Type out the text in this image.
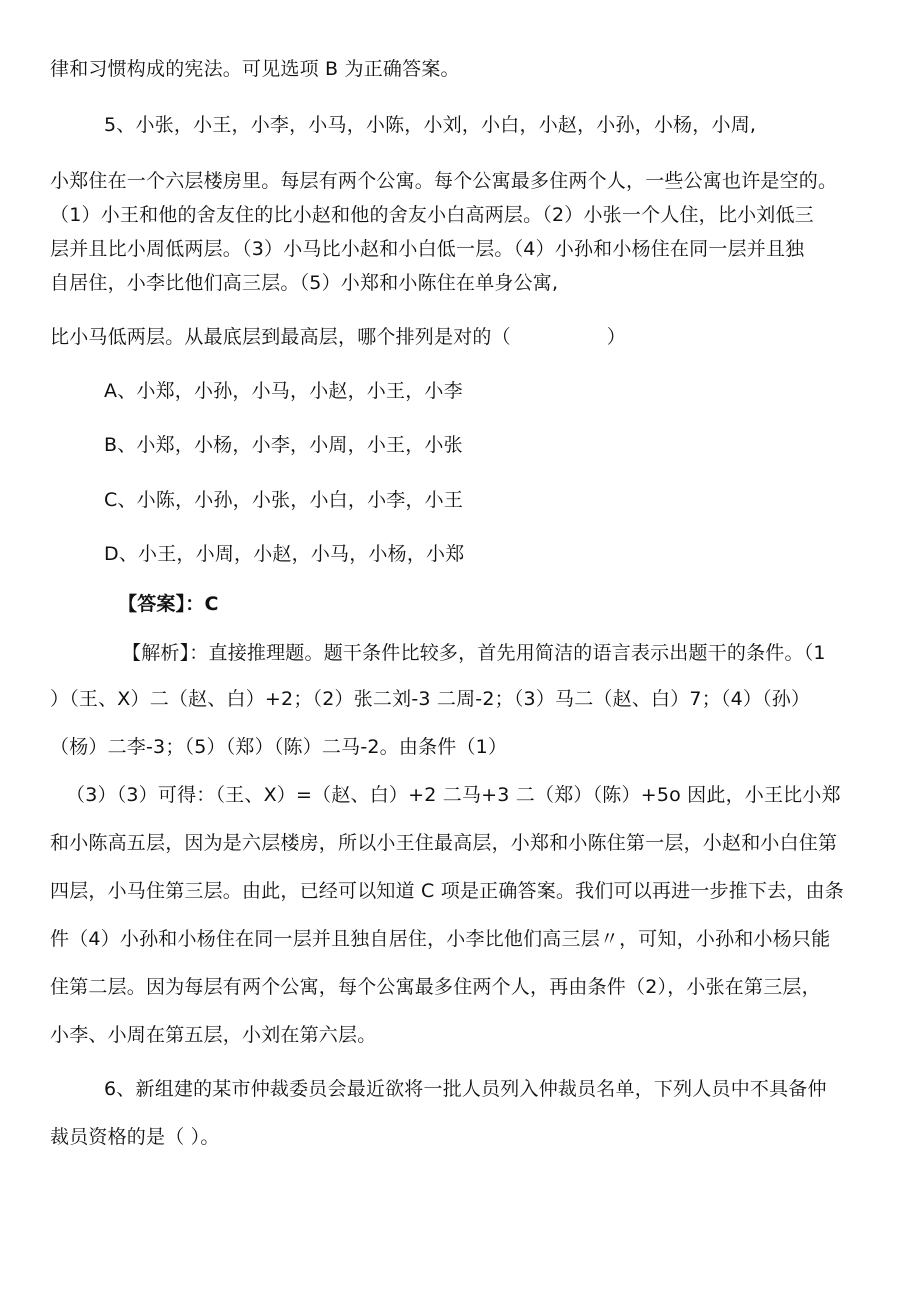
律和习惯构成的宪法。可见选项 B 为正确答案。
5、小张，小王，小李，小马，小陈，小刘，小白，小赵，小孙，小杨，小周,
小郑住在一个六层楼房里。每层有两个公寓。每个公寓最多住两个人，一些公寓也许是空的。
（1）小王和他的舍友住的比小赵和他的舍友小白高两层。（2）小张一个人住，比小刘低三
层并且比小周低两层。（3）小马比小赵和小白低一层。（4）小孙和小杨住在同一层并且独
自居住，小李比他们高三层。（5）小郑和小陈住在单身公寓,
比小马低两层。从最底层到最高层，哪个排列是对的（　　　　　）
A、小郑，小孙，小马，小赵，小王，小李
B、小郑，小杨，小李，小周，小王，小张
C、小陈，小孙，小张，小白，小李，小王
D、小王，小周，小赵，小马，小杨，小郑
【答案】：C
【解析】：直接推理题。题干条件比较多，首先用简洁的语言表示出题干的条件。（1
）（王、X）二（赵、白）+2；（2）张二刘-3 二周-2；（3）马二（赵、白）7；（4）（孙）
（杨）二李-3；（5）（郑）（陈）二马-2。由条件（1）
（3）（3）可得：（王、X）=（赵、白）+2 二马+3 二（郑）（陈）+5o 因此，小王比小郑
和小陈高五层，因为是六层楼房，所以小王住最高层，小郑和小陈住第一层，小赵和小白住第
四层，小马住第三层。由此，已经可以知道 C 项是正确答案。我们可以再进一步推下去，由条
件（4）小孙和小杨住在同一层并且独自居住，小李比他们高三层〃，可知，小孙和小杨只能
住第二层。因为每层有两个公寓，每个公寓最多住两个人，再由条件（2），小张在第三层，
小李、小周在第五层，小刘在第六层。
6、新组建的某市仲裁委员会最近欲将一批人员列入仲裁员名单，下列人员中不具备仲
裁员资格的是（ ）。
